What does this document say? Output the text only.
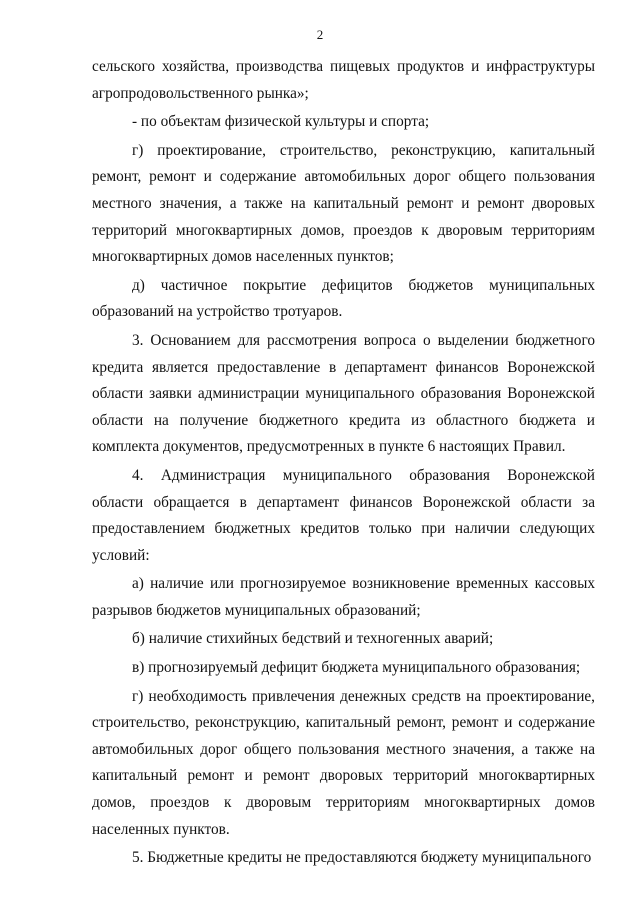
2

сельского хозяйства, производства пищевых продуктов и инфраструктуры агропродовольственного рынка»;

- по объектам физической культуры и спорта;

г) проектирование, строительство, реконструкцию, капитальный ремонт, ремонт и содержание автомобильных дорог общего пользования местного значения, а также на капитальный ремонт и ремонт дворовых территорий многоквартирных домов, проездов к дворовым территориям многоквартирных домов населенных пунктов;

д) частичное покрытие дефицитов бюджетов муниципальных образований на устройство тротуаров.

3. Основанием для рассмотрения вопроса о выделении бюджетного кредита является предоставление в департамент финансов Воронежской области заявки администрации муниципального образования Воронежской области на получение бюджетного кредита из областного бюджета и комплекта документов, предусмотренных в пункте 6 настоящих Правил.

4. Администрация муниципального образования Воронежской области обращается в департамент финансов Воронежской области за предоставлением бюджетных кредитов только при наличии следующих условий:

а) наличие или прогнозируемое возникновение временных кассовых разрывов бюджетов муниципальных образований;

б) наличие стихийных бедствий и техногенных аварий;

в) прогнозируемый дефицит бюджета муниципального образования;

г) необходимость привлечения денежных средств на проектирование, строительство, реконструкцию, капитальный ремонт, ремонт и содержание автомобильных дорог общего пользования местного значения, а также на капитальный ремонт и ремонт дворовых территорий многоквартирных домов, проездов к дворовым территориям многоквартирных домов населенных пунктов.

5. Бюджетные кредиты не предоставляются бюджету муниципального
